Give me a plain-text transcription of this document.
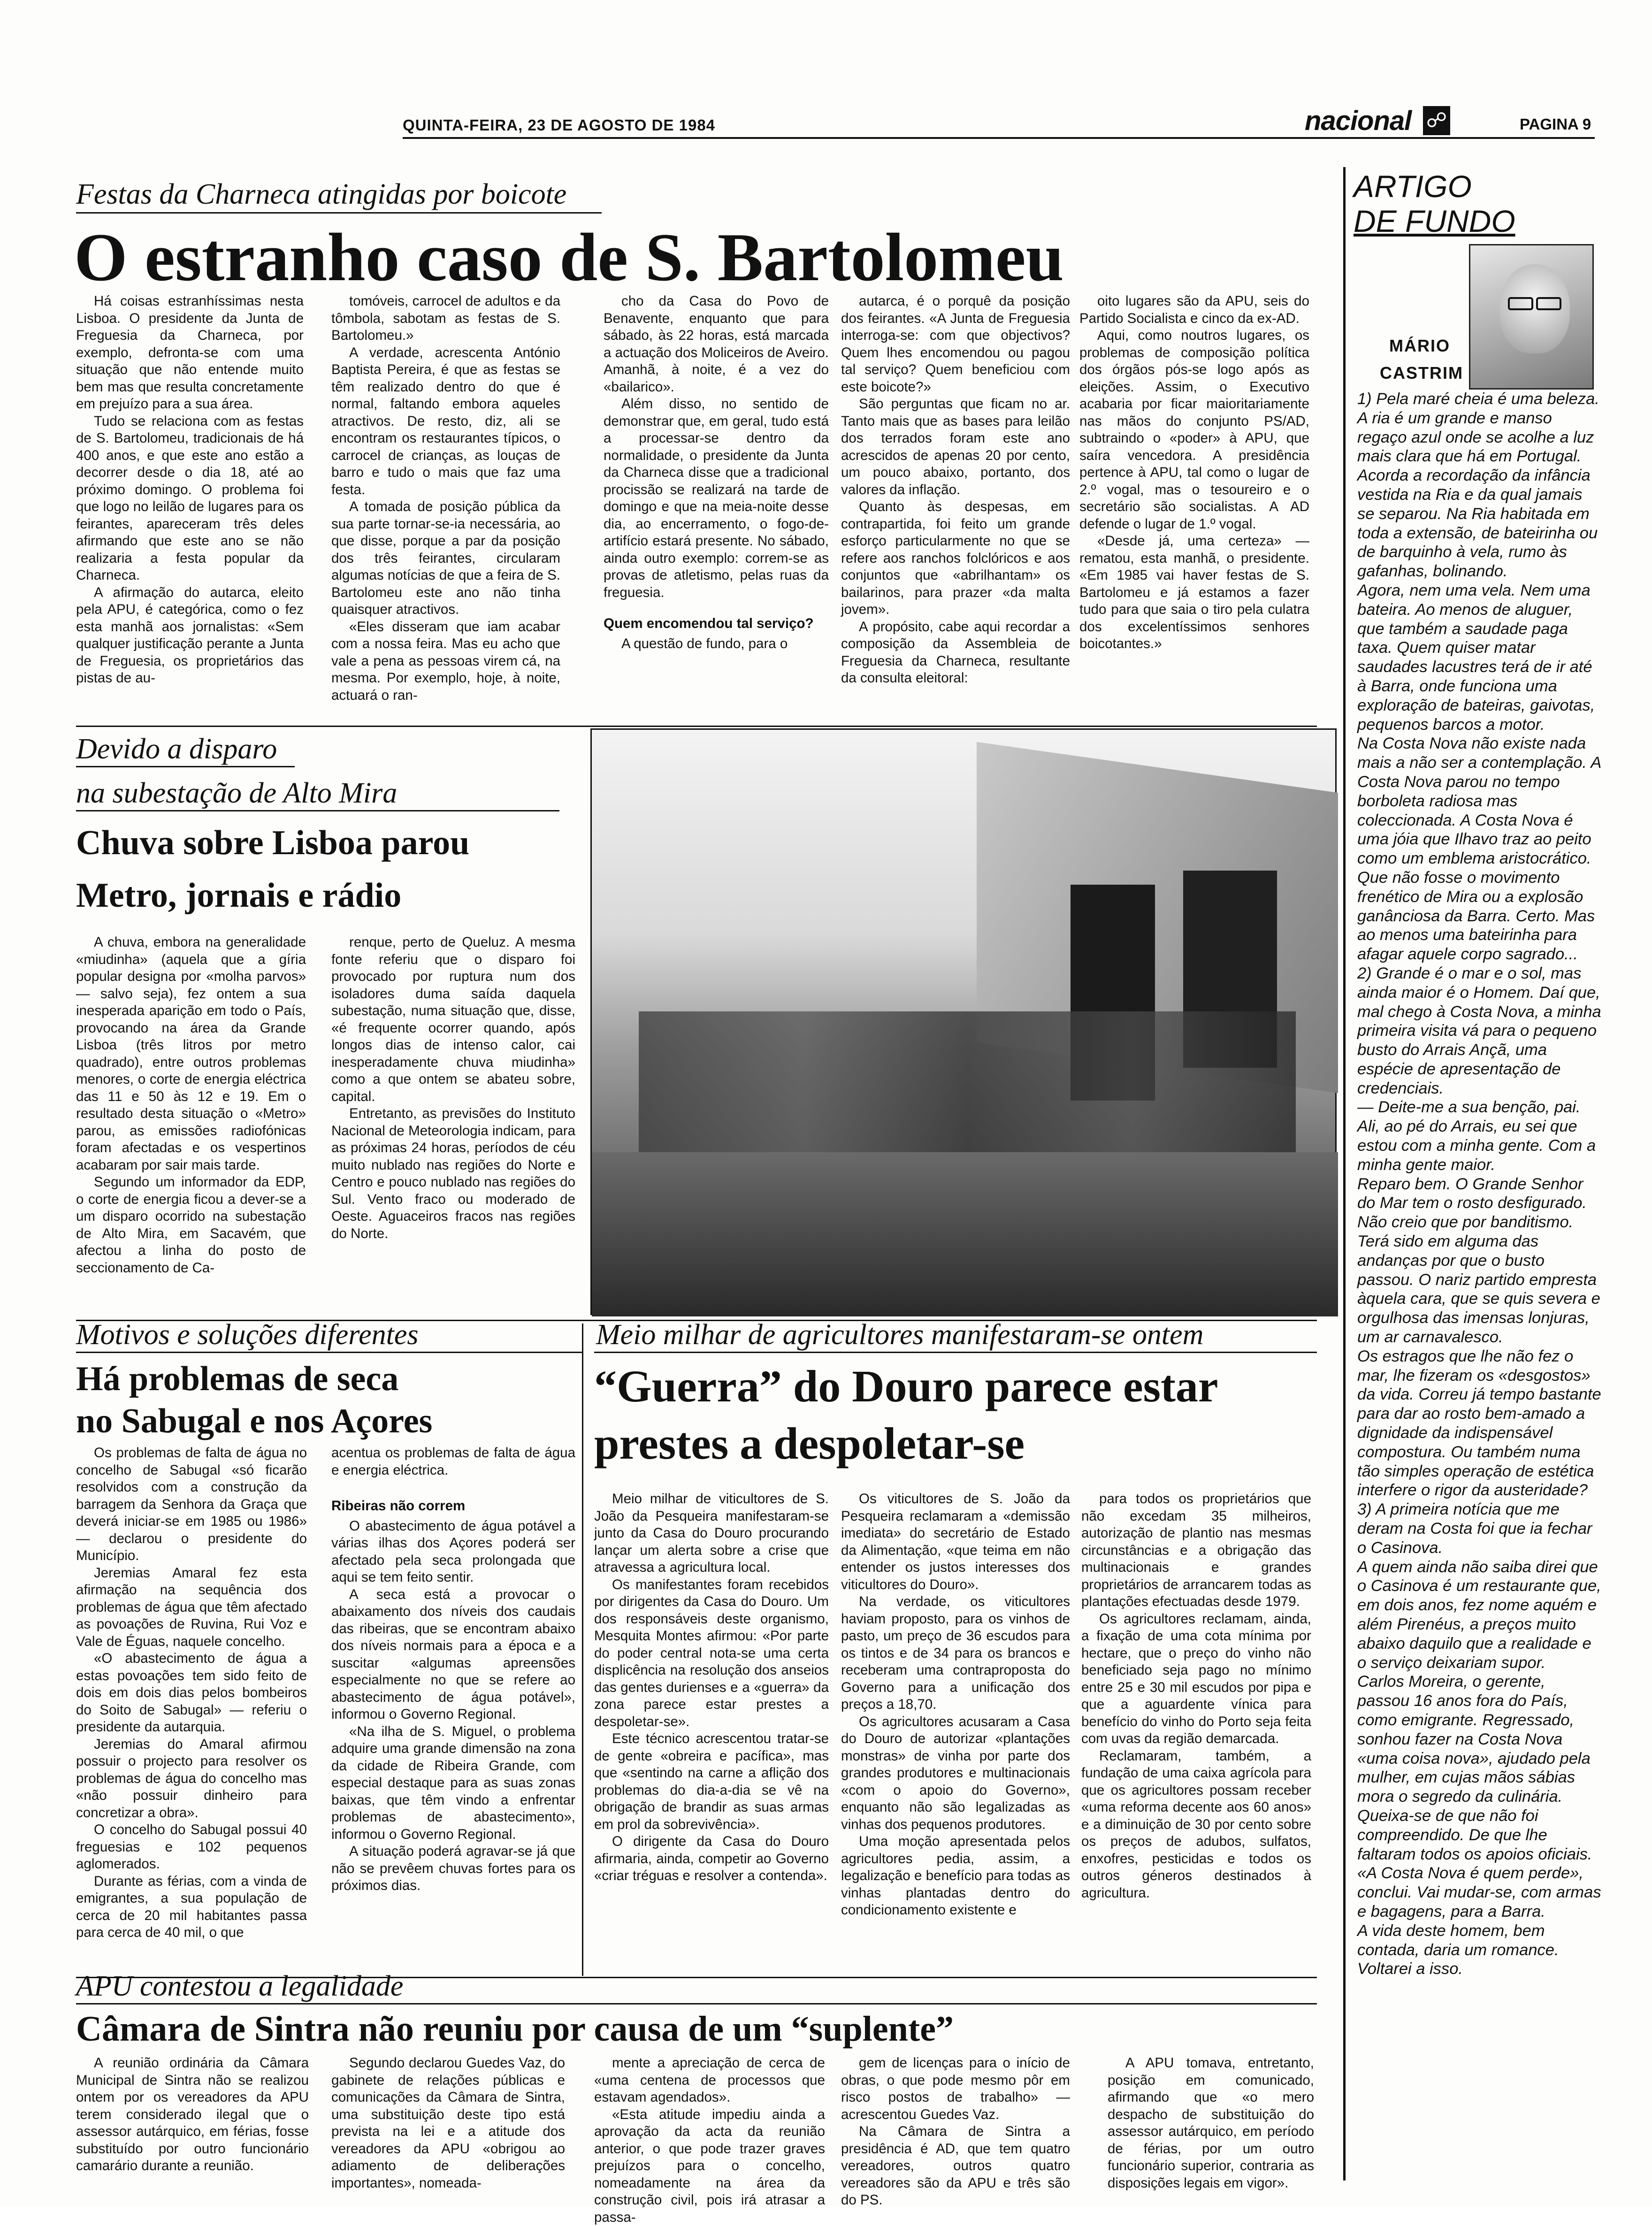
QUINTA-FEIRA, 23 DE AGOSTO DE 1984	nacional ☍	PAGINA 9
Festas da Charneca atingidas por boicote
O estranho caso de S. Bartolomeu

Há coisas estranhíssimas nesta Lisboa. O presidente da Junta de Freguesia da Charneca, por exemplo, defronta-se com uma situação que não entende muito bem mas que resulta concretamente em prejuízo para a sua área.

Tudo se relaciona com as festas de S. Bartolomeu, tradicionais de há 400 anos, e que este ano estão a decorrer desde o dia 18, até ao próximo domingo. O problema foi que logo no leilão de lugares para os feirantes, apareceram três deles afirmando que este ano se não realizaria a festa popular da Charneca.

A afirmação do autarca, eleito pela APU, é categórica, como o fez esta manhã aos jornalistas: «Sem qualquer justificação perante a Junta de Freguesia, os proprietários das pistas de au-

tomóveis, carrocel de adultos e da tômbola, sabotam as festas de S. Bartolomeu.»

A verdade, acrescenta António Baptista Pereira, é que as festas se têm realizado dentro do que é normal, faltando embora aqueles atractivos. De resto, diz, ali se encontram os restaurantes típicos, o carrocel de crianças, as louças de barro e tudo o mais que faz uma festa.

A tomada de posição pública da sua parte tornar-se-ia necessária, ao que disse, porque a par da posição dos três feirantes, circularam algumas notícias de que a feira de S. Bartolomeu este ano não tinha quaisquer atractivos.

«Eles disseram que iam acabar com a nossa feira. Mas eu acho que vale a pena as pessoas virem cá, na mesma. Por exemplo, hoje, à noite, actuará o ran-

cho da Casa do Povo de Benavente, enquanto que para sábado, às 22 horas, está marcada a actuação dos Moliceiros de Aveiro. Amanhã, à noite, é a vez do «bailarico».

Além disso, no sentido de demonstrar que, em geral, tudo está a processar-se dentro da normalidade, o presidente da Junta da Charneca disse que a tradicional procissão se realizará na tarde de domingo e que na meia-noite desse dia, ao encerramento, o fogo-de-artifício estará presente. No sábado, ainda outro exemplo: correm-se as provas de atletismo, pelas ruas da freguesia.

Quem encomendou tal serviço?

A questão de fundo, para o

autarca, é o porquê da posição dos feirantes. «A Junta de Freguesia interroga-se: com que objectivos? Quem lhes encomendou ou pagou tal serviço? Quem beneficiou com este boicote?»

São perguntas que ficam no ar. Tanto mais que as bases para leilão dos terrados foram este ano acrescidos de apenas 20 por cento, um pouco abaixo, portanto, dos valores da inflação.

Quanto às despesas, em contrapartida, foi feito um grande esforço particularmente no que se refere aos ranchos folclóricos e aos conjuntos que «abrilhantam» os bailarinos, para prazer «da malta jovem».

A propósito, cabe aqui recordar a composição da Assembleia de Freguesia da Charneca, resultante da consulta eleitoral:

oito lugares são da APU, seis do Partido Socialista e cinco da ex-AD.

Aqui, como noutros lugares, os problemas de composição política dos órgãos pós-se logo após as eleições. Assim, o Executivo acabaria por ficar maioritariamente nas mãos do conjunto PS/AD, subtraindo o «poder» à APU, que saíra vencedora. A presidência pertence à APU, tal como o lugar de 2.º vogal, mas o tesoureiro e o secretário são socialistas. A AD defende o lugar de 1.º vogal.

«Desde já, uma certeza» — rematou, esta manhã, o presidente. «Em 1985 vai haver festas de S. Bartolomeu e já estamos a fazer tudo para que saia o tiro pela culatra dos excelentíssimos senhores boicotantes.»

ARTIGO
DE FUNDO
MÁRIO
CASTRIM

1) Pela maré cheia é uma beleza. A ria é um grande e manso regaço azul onde se acolhe a luz mais clara que há em Portugal.

Acorda a recordação da infância vestida na Ria e da qual jamais se separou. Na Ria habitada em toda a extensão, de bateirinha ou de barquinho à vela, rumo às gafanhas, bolinando.

Agora, nem uma vela. Nem uma bateira. Ao menos de aluguer, que também a saudade paga taxa. Quem quiser matar saudades lacustres terá de ir até à Barra, onde funciona uma exploração de bateiras, gaivotas, pequenos barcos a motor.

Na Costa Nova não existe nada mais a não ser a contemplação. A Costa Nova parou no tempo borboleta radiosa mas coleccionada. A Costa Nova é uma jóia que Ilhavo traz ao peito como um emblema aristocrático.

Que não fosse o movimento frenético de Mira ou a explosão ganânciosa da Barra. Certo. Mas ao menos uma bateirinha para afagar aquele corpo sagrado...

2) Grande é o mar e o sol, mas ainda maior é o Homem. Daí que, mal chego à Costa Nova, a minha primeira visita vá para o pequeno busto do Arrais Ançã, uma espécie de apresentação de credenciais.

— Deite-me a sua benção, pai.

Ali, ao pé do Arrais, eu sei que estou com a minha gente. Com a minha gente maior.

Reparo bem. O Grande Senhor do Mar tem o rosto desfigurado. Não creio que por banditismo. Terá sido em alguma das andanças por que o busto passou. O nariz partido empresta àquela cara, que se quis severa e orgulhosa das imensas lonjuras, um ar carnavalesco.

Os estragos que lhe não fez o mar, lhe fizeram os «desgostos» da vida. Correu já tempo bastante para dar ao rosto bem-amado a dignidade da indispensável compostura. Ou também numa tão simples operação de estética interfere o rigor da austeridade?

3) A primeira notícia que me deram na Costa foi que ia fechar o Casinova.

A quem ainda não saiba direi que o Casinova é um restaurante que, em dois anos, fez nome aquém e além Pirenéus, a preços muito abaixo daquilo que a realidade e o serviço deixariam supor.

Carlos Moreira, o gerente, passou 16 anos fora do País, como emigrante. Regressado, sonhou fazer na Costa Nova «uma coisa nova», ajudado pela mulher, em cujas mãos sábias mora o segredo da culinária.

Queixa-se de que não foi compreendido. De que lhe faltaram todos os apoios oficiais. «A Costa Nova é quem perde», conclui. Vai mudar-se, com armas e bagagens, para a Barra.

A vida deste homem, bem contada, daria um romance. Voltarei a isso.

Devido a disparo
na subestação de Alto Mira
Chuva sobre Lisboa parou
Metro, jornais e rádio

A chuva, embora na generalidade «miudinha» (aquela que a gíria popular designa por «molha parvos» — salvo seja), fez ontem a sua inesperada aparição em todo o País, provocando na área da Grande Lisboa (três litros por metro quadrado), entre outros problemas menores, o corte de energia eléctrica das 11 e 50 às 12 e 19. Em o resultado desta situação o «Metro» parou, as emissões radiofónicas foram afectadas e os vespertinos acabaram por sair mais tarde.

Segundo um informador da EDP, o corte de energia ficou a dever-se a um disparo ocorrido na subestação de Alto Mira, em Sacavém, que afectou a linha do posto de seccionamento de Ca-

renque, perto de Queluz. A mesma fonte referiu que o disparo foi provocado por ruptura num dos isoladores duma saída daquela subestação, numa situação que, disse, «é frequente ocorrer quando, após longos dias de intenso calor, cai inesperadamente chuva miudinha» como a que ontem se abateu sobre, capital.

Entretanto, as previsões do Instituto Nacional de Meteorologia indicam, para as próximas 24 horas, períodos de céu muito nublado nas regiões do Norte e Centro e pouco nublado nas regiões do Sul. Vento fraco ou moderado de Oeste. Aguaceiros fracos nas regiões do Norte.

Motivos e soluções diferentes
Há problemas de seca
no Sabugal e nos Açores

Os problemas de falta de água no concelho de Sabugal «só ficarão resolvidos com a construção da barragem da Senhora da Graça que deverá iniciar-se em 1985 ou 1986» — declarou o presidente do Município.

Jeremias Amaral fez esta afirmação na sequência dos problemas de água que têm afectado as povoações de Ruvina, Rui Voz e Vale de Éguas, naquele concelho.

«O abastecimento de água a estas povoações tem sido feito de dois em dois dias pelos bombeiros do Soito de Sabugal» — referiu o presidente da autarquia.

Jeremias do Amaral afirmou possuir o projecto para resolver os problemas de água do concelho mas «não possuir dinheiro para concretizar a obra».

O concelho do Sabugal possui 40 freguesias e 102 pequenos aglomerados.

Durante as férias, com a vinda de emigrantes, a sua população de cerca de 20 mil habitantes passa para cerca de 40 mil, o que

acentua os problemas de falta de água e energia eléctrica.

Ribeiras não correm

O abastecimento de água potável a várias ilhas dos Açores poderá ser afectado pela seca prolongada que aqui se tem feito sentir.

A seca está a provocar o abaixamento dos níveis dos caudais das ribeiras, que se encontram abaixo dos níveis normais para a época e a suscitar «algumas apreensões especialmente no que se refere ao abastecimento de água potável», informou o Governo Regional.

«Na ilha de S. Miguel, o problema adquire uma grande dimensão na zona da cidade de Ribeira Grande, com especial destaque para as suas zonas baixas, que têm vindo a enfrentar problemas de abastecimento», informou o Governo Regional.

A situação poderá agravar-se já que não se prevêem chuvas fortes para os próximos dias.

Meio milhar de agricultores manifestaram-se ontem
“Guerra” do Douro parece estar
prestes a despoletar-se

Meio milhar de viticultores de S. João da Pesqueira manifestaram-se junto da Casa do Douro procurando lançar um alerta sobre a crise que atravessa a agricultura local.

Os manifestantes foram recebidos por dirigentes da Casa do Douro. Um dos responsáveis deste organismo, Mesquita Montes afirmou: «Por parte do poder central nota-se uma certa displicência na resolução dos anseios das gentes durienses e a «guerra» da zona parece estar prestes a despoletar-se».

Este técnico acrescentou tratar-se de gente «obreira e pacífica», mas que «sentindo na carne a aflição dos problemas do dia-a-dia se vê na obrigação de brandir as suas armas em prol da sobrevivência».

O dirigente da Casa do Douro afirmaria, ainda, competir ao Governo «criar tréguas e resolver a contenda».

Os viticultores de S. João da Pesqueira reclamaram a «demissão imediata» do secretário de Estado da Alimentação, «que teima em não entender os justos interesses dos viticultores do Douro».

Na verdade, os viticultores haviam proposto, para os vinhos de pasto, um preço de 36 escudos para os tintos e de 34 para os brancos e receberam uma contraproposta do Governo para a unificação dos preços a 18,70.

Os agricultores acusaram a Casa do Douro de autorizar «plantações monstras» de vinha por parte dos grandes produtores e multinacionais «com o apoio do Governo», enquanto não são legalizadas as vinhas dos pequenos produtores.

Uma moção apresentada pelos agricultores pedia, assim, a legalização e benefício para todas as vinhas plantadas dentro do condicionamento existente e

para todos os proprietários que não excedam 35 milheiros, autorização de plantio nas mesmas circunstâncias e a obrigação das multinacionais e grandes proprietários de arrancarem todas as plantações efectuadas desde 1979.

Os agricultores reclamam, ainda, a fixação de uma cota mínima por hectare, que o preço do vinho não beneficiado seja pago no mínimo entre 25 e 30 mil escudos por pipa e que a aguardente vínica para benefício do vinho do Porto seja feita com uvas da região demarcada.

Reclamaram, também, a fundação de uma caixa agrícola para que os agricultores possam receber «uma reforma decente aos 60 anos» e a diminuição de 30 por cento sobre os preços de adubos, sulfatos, enxofres, pesticidas e todos os outros géneros destinados à agricultura.

APU contestou a legalidade
Câmara de Sintra não reuniu por causa de um “suplente”

A reunião ordinária da Câmara Municipal de Sintra não se realizou ontem por os vereadores da APU terem considerado ilegal que o assessor autárquico, em férias, fosse substituído por outro funcionário camarário durante a reunião.

Segundo declarou Guedes Vaz, do gabinete de relações públicas e comunicações da Câmara de Sintra, uma substituição deste tipo está prevista na lei e a atitude dos vereadores da APU «obrigou ao adiamento de deliberações importantes», nomeada-

mente a apreciação de cerca de «uma centena de processos que estavam agendados».

«Esta atitude impediu ainda a aprovação da acta da reunião anterior, o que pode trazer graves prejuízos para o concelho, nomeadamente na área da construção civil, pois irá atrasar a passa-

gem de licenças para o início de obras, o que pode mesmo pôr em risco postos de trabalho» — acrescentou Guedes Vaz.

Na Câmara de Sintra a presidência é AD, que tem quatro vereadores, outros quatro vereadores são da APU e três são do PS.

A APU tomava, entretanto, posição em comunicado, afirmando que «o mero despacho de substituição do assessor autárquico, em período de férias, por um outro funcionário superior, contraria as disposições legais em vigor».
